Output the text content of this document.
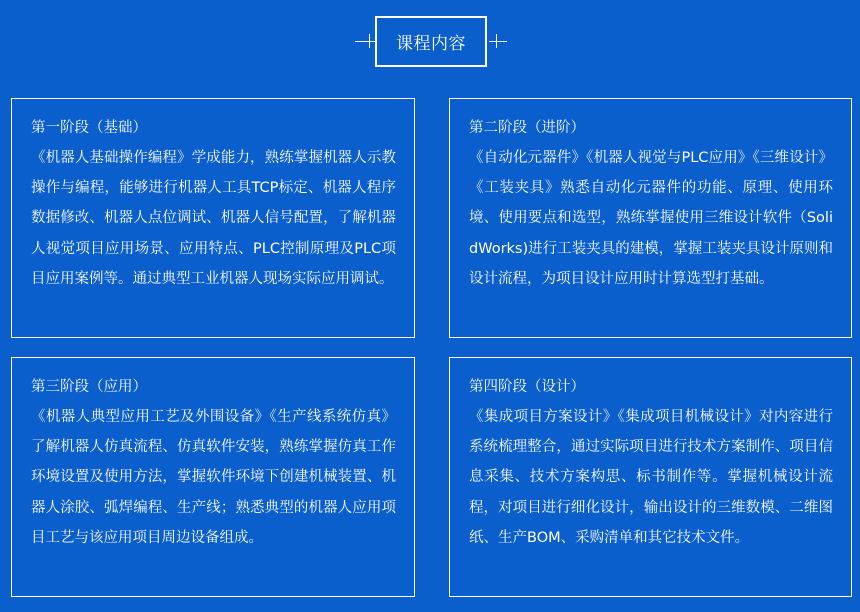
课程内容
第一阶段（基础）

《机器人基础操作编程》学成能力，熟练掌握机器人示教操作与编程，能够进行机器人工具TCP标定、机器人程序数据修改、机器人点位调试、机器人信号配置，了解机器人视觉项目应用场景、应用特点、PLC控制原理及PLC项目应用案例等。通过典型工业机器人现场实际应用调试。

第二阶段（进阶）

《自动化元器件》《机器人视觉与PLC应用》《三维设计》《工装夹具》熟悉自动化元器件的功能、原理、使用环境、使用要点和选型，熟练掌握使用三维设计软件（SolidWorks)进行工装夹具的建模，掌握工装夹具设计原则和设计流程，为项目设计应用时计算选型打基础。

第三阶段（应用）

《机器人典型应用工艺及外围设备》《生产线系统仿真》了解机器人仿真流程、仿真软件安装，熟练掌握仿真工作环境设置及使用方法，掌握软件环境下创建机械装置、机器人涂胶、弧焊编程、生产线；熟悉典型的机器人应用项目工艺与该应用项目周边设备组成。

第四阶段（设计）

《集成项目方案设计》《集成项目机械设计》对内容进行系统梳理整合，通过实际项目进行技术方案制作、项目信息采集、技术方案构思、标书制作等。掌握机械设计流程，对项目进行细化设计，输出设计的三维数模、二维图纸、生产BOM、采购清单和其它技术文件。
